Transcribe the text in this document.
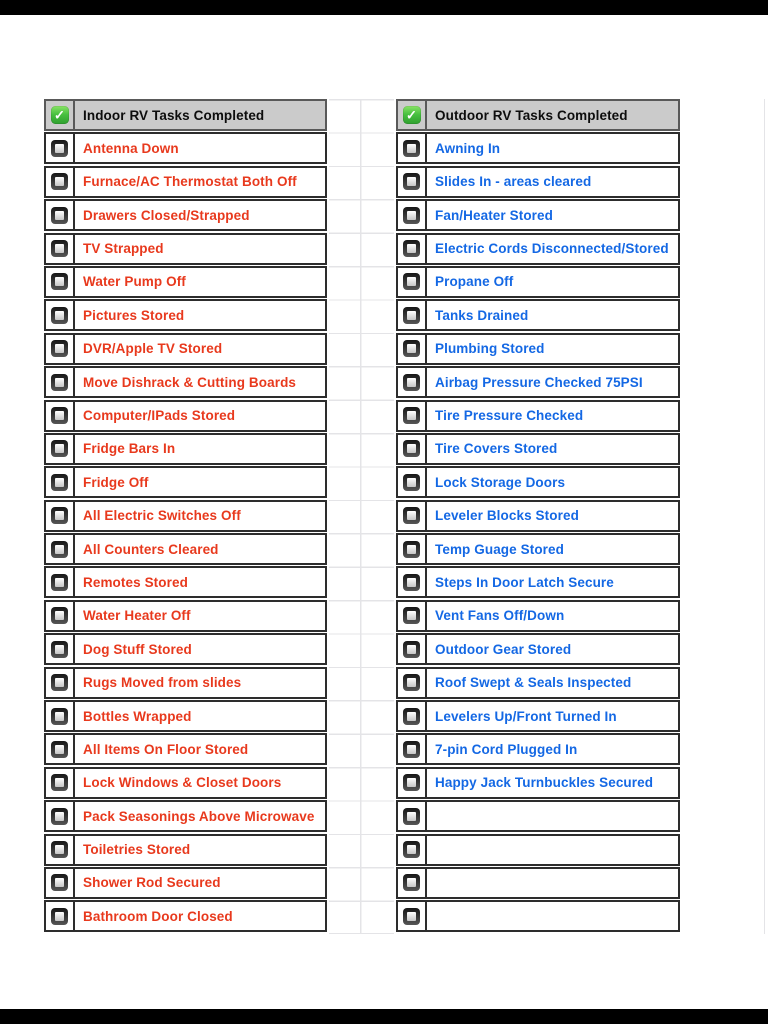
✓	Indoor RV Tasks Completed
Antenna Down
Furnace/AC Thermostat Both Off
Drawers Closed/Strapped
TV Strapped
Water Pump Off
Pictures Stored
DVR/Apple TV Stored
Move Dishrack & Cutting Boards
Computer/IPads Stored
Fridge Bars In
Fridge Off
All Electric Switches Off
All Counters Cleared
Remotes Stored
Water Heater Off
Dog Stuff Stored
Rugs Moved from slides
Bottles Wrapped
All Items On Floor Stored
Lock Windows & Closet Doors
Pack Seasonings Above Microwave
Toiletries Stored
Shower Rod Secured
Bathroom Door Closed
✓	Outdoor RV Tasks Completed
Awning In
Slides In - areas cleared
Fan/Heater Stored
Electric Cords Disconnected/Stored
Propane Off
Tanks Drained
Plumbing Stored
Airbag Pressure Checked 75PSI
Tire Pressure Checked
Tire Covers Stored
Lock Storage Doors
Leveler Blocks Stored
Temp Guage Stored
Steps In Door Latch Secure
Vent Fans Off/Down
Outdoor Gear Stored
Roof Swept & Seals Inspected
Levelers Up/Front Turned In
7-pin Cord Plugged In
Happy Jack Turnbuckles Secured
